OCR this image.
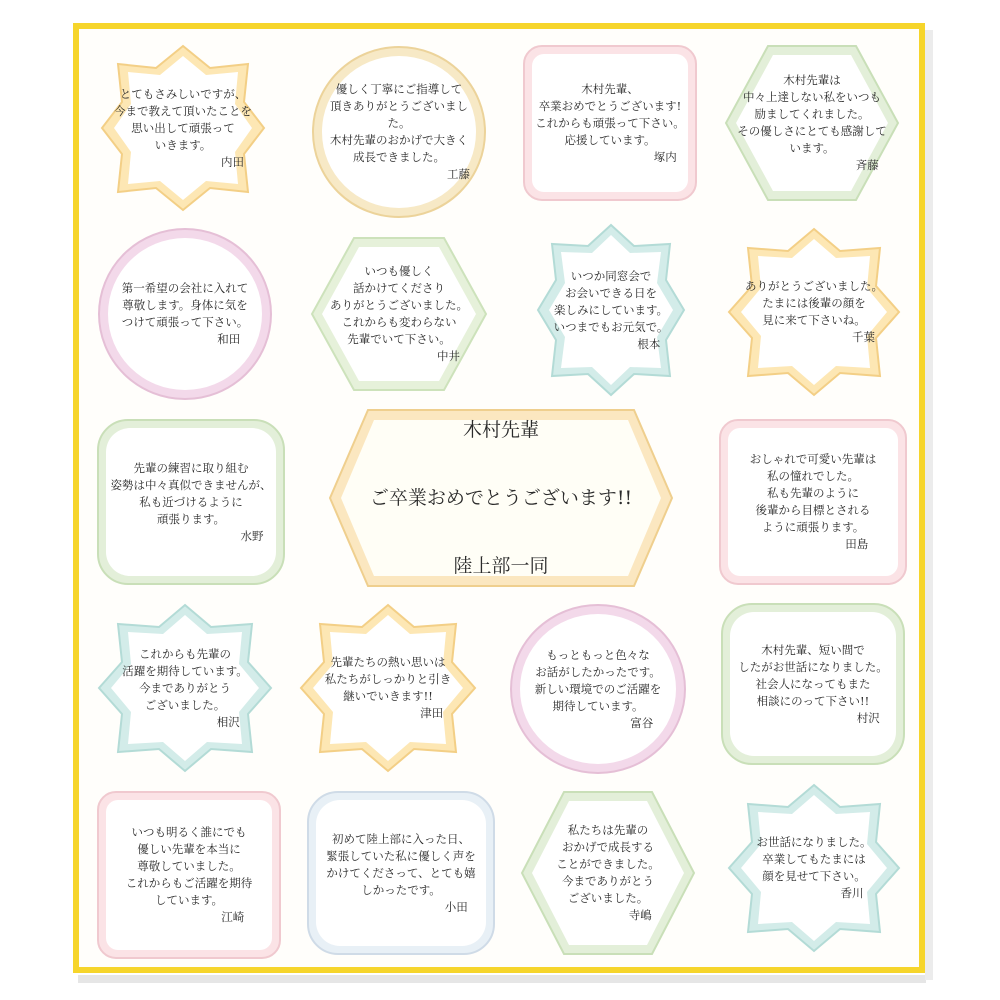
とてもさみしいですが、
今まで教えて頂いたことを
思い出して頑張って
いきます。
内田
優しく丁寧にご指導して
頂きありがとうございました。
木村先輩のおかげで大きく
成長できました。
工藤
木村先輩、
卒業おめでとうございます!
これからも頑張って下さい。
応援しています。
塚内
木村先輩は
中々上達しない私をいつも
励ましてくれました。
その優しさにとても感謝して
います。
斉藤
第一希望の会社に入れて
尊敬します。身体に気を
つけて頑張って下さい。
和田
いつも優しく
話かけてくださり
ありがとうございました。
これからも変わらない
先輩でいて下さい。
中井
いつか同窓会で
お会いできる日を
楽しみにしています。
いつまでもお元気で。
根本
ありがとうございました。
たまには後輩の顔を
見に来て下さいね。
千葉
先輩の練習に取り組む
姿勢は中々真似できませんが、
私も近づけるように
頑張ります。
水野

木村先輩

ご卒業おめでとうございます!!

陸上部一同

おしゃれで可愛い先輩は
私の憧れでした。
私も先輩のように
後輩から目標とされる
ように頑張ります。
田島
これからも先輩の
活躍を期待しています。
今までありがとう
ございました。
相沢
先輩たちの熱い思いは
私たちがしっかりと引き
継いでいきます!!
津田
もっともっと色々な
お話がしたかったです。
新しい環境でのご活躍を
期待しています。
富谷
木村先輩、短い間で
したがお世話になりました。
社会人になってもまた
相談にのって下さい!!
村沢
いつも明るく誰にでも
優しい先輩を本当に
尊敬していました。
これからもご活躍を期待
しています。
江崎
初めて陸上部に入った日、
緊張していた私に優しく声を
かけてくださって、とても嬉
しかったです。
小田
私たちは先輩の
おかげで成長する
ことができました。
今までありがとう
ございました。
寺嶋
お世話になりました。
卒業してもたまには
顔を見せて下さい。
香川
